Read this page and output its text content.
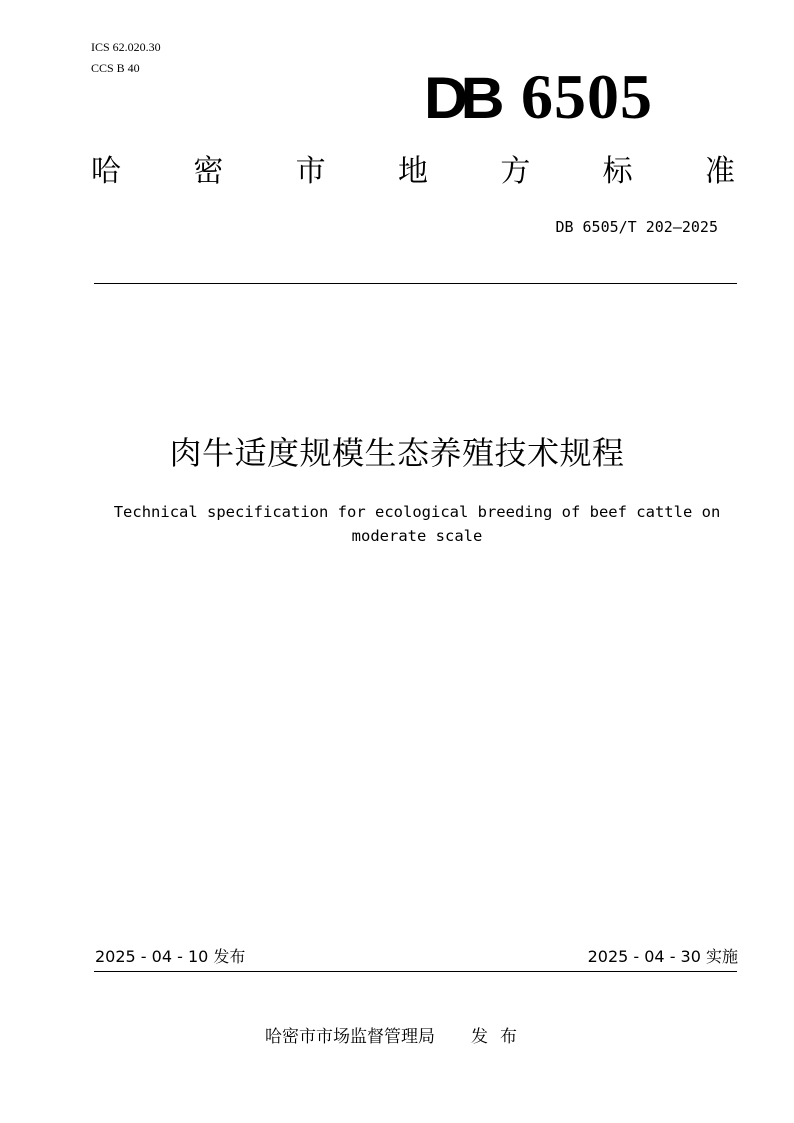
ICS 62.020.30
CCS B 40	DB 6505
哈 密 市 地 方 标 准
DB 6505/T 202—2025
肉牛适度规模生态养殖技术规程
Technical specification for ecological breeding of beef cattle on moderate scale
2025 - 04 - 10 发布	2025 - 04 - 30 实施
哈密市市场监督管理局 发布
